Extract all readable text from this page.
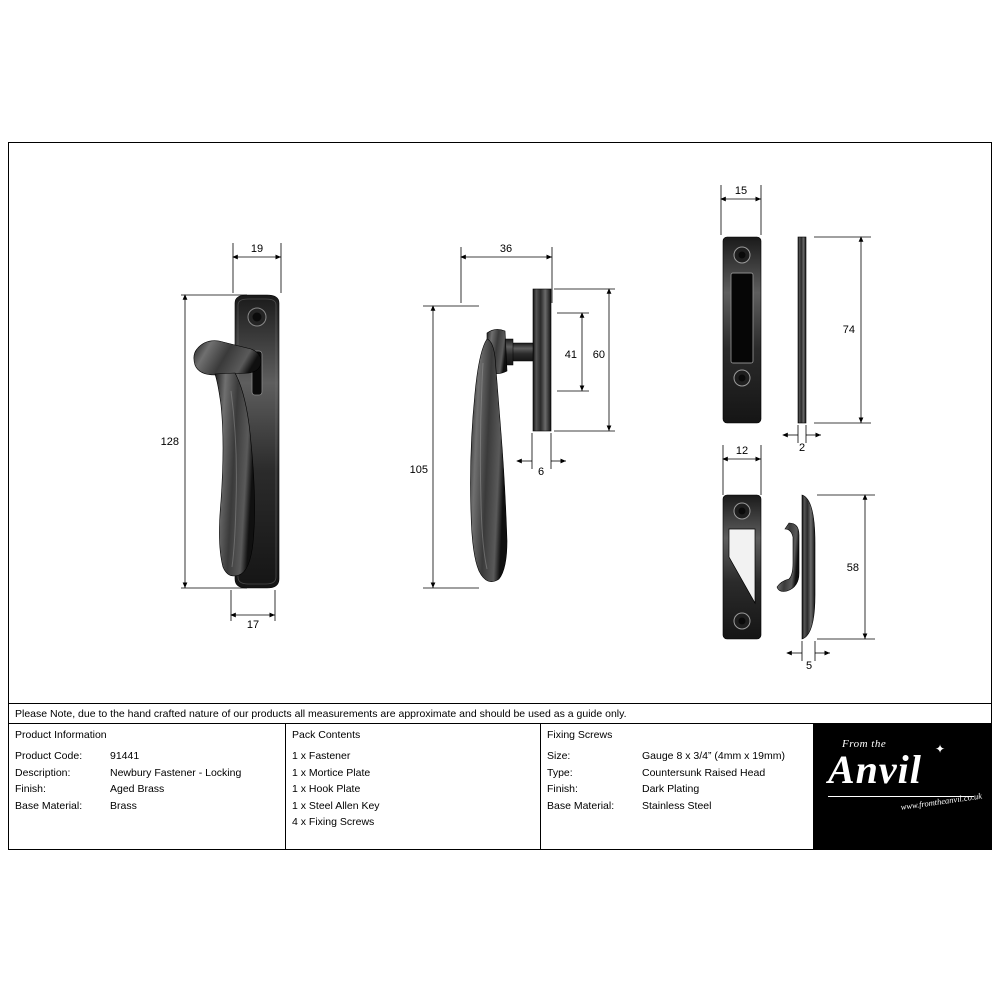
19
128
17
36
105
41 60
6
15
74
2
12
58
5
Please Note, due to the hand crafted nature of our products all measurements are approximate and should be used as a guide only.
Product Information
Product Code:	91441
Description:	Newbury Fastener - Locking
Finish:	Aged Brass
Base Material:	Brass
Pack Contents
1 x Fastener
1 x Mortice Plate
1 x Hook Plate
1 x Steel Allen Key
4 x Fixing Screws
Fixing Screws
Size:	Gauge 8 x 3/4” (4mm x 19mm)
Type:	Countersunk Raised Head
Finish:	Dark Plating
Base Material:	Stainless Steel
From the
Anvil ✦
www.fromtheanvil.co.uk
